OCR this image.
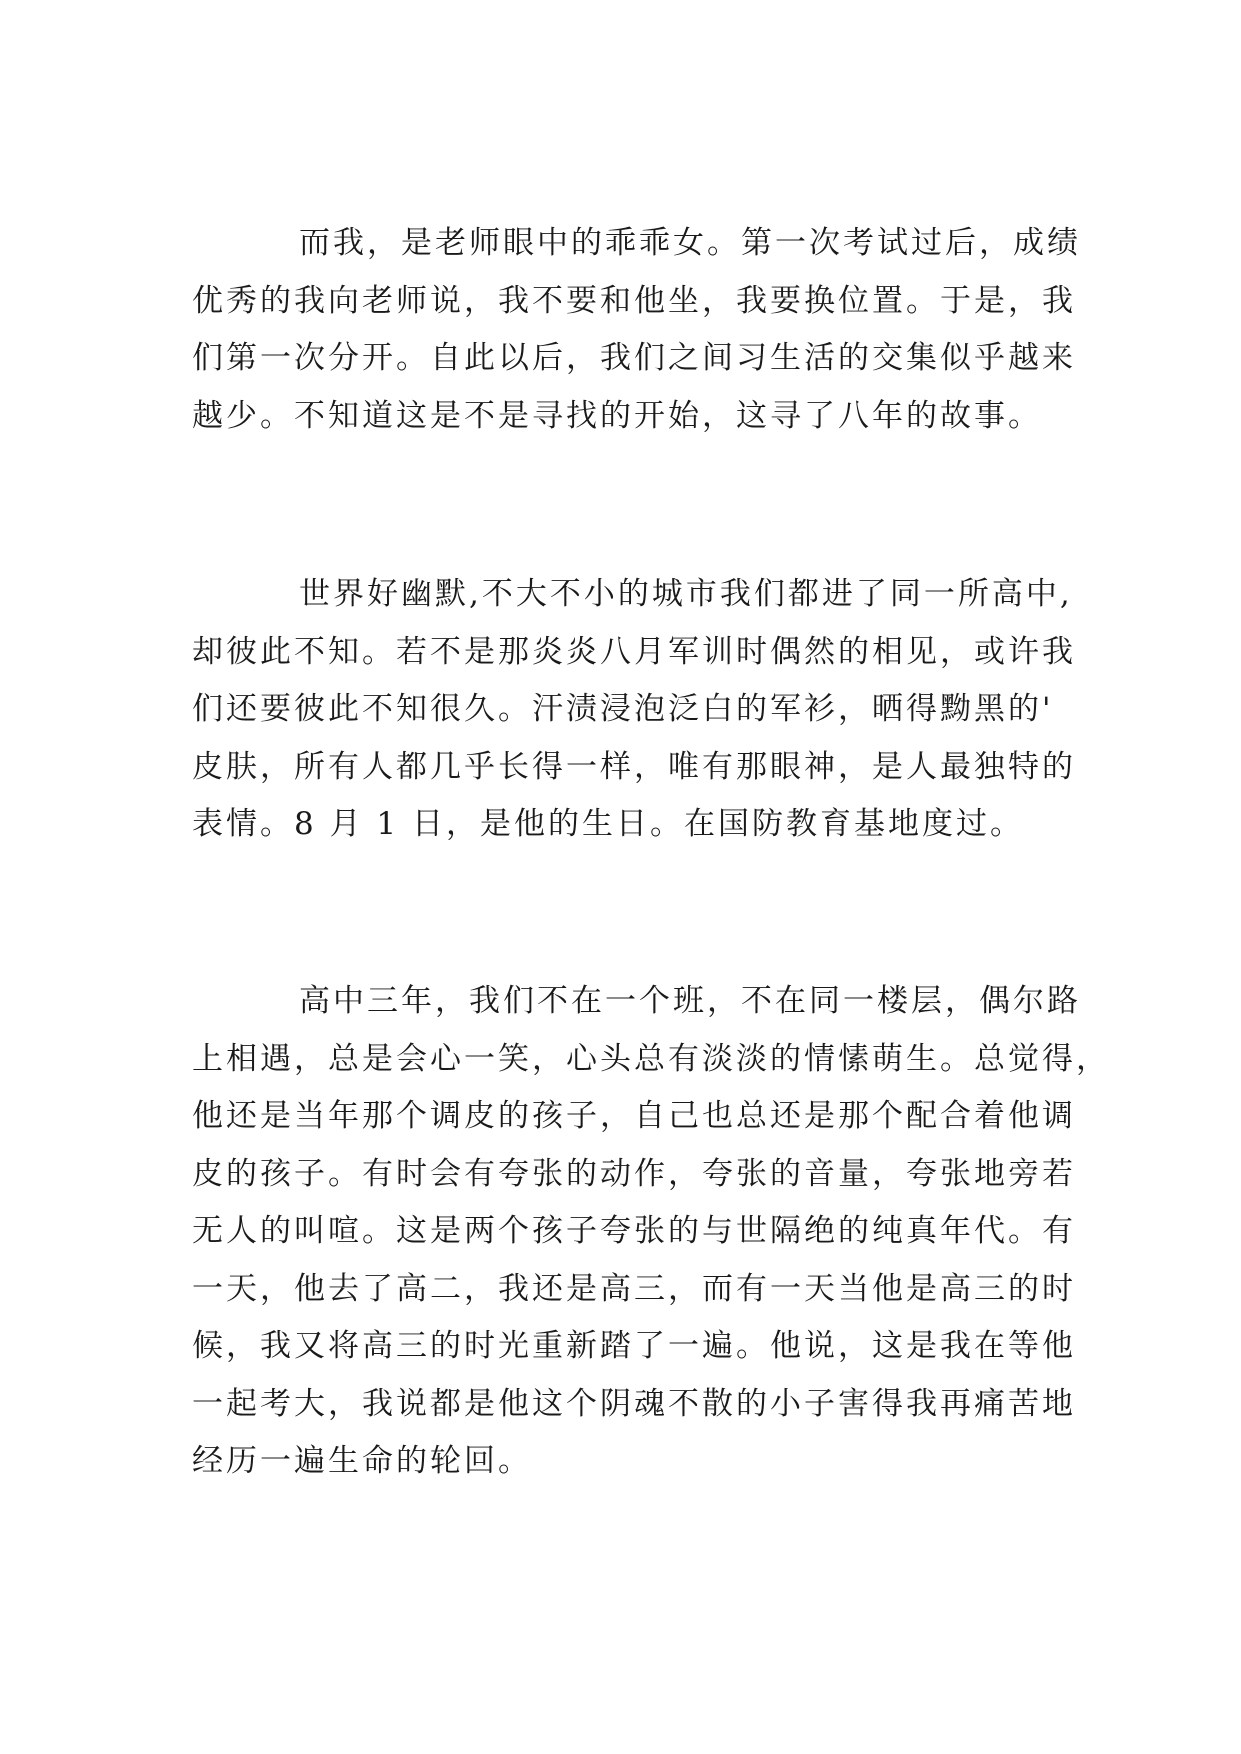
而我，是老师眼中的乖乖女。第一次考试过后，成绩
优秀的我向老师说，我不要和他坐，我要换位置。于是，我
们第一次分开。自此以后，我们之间习生活的交集似乎越来
越少。不知道这是不是寻找的开始，这寻了八年的故事。
世界好幽默,不大不小的城市我们都进了同一所高中,
却彼此不知。若不是那炎炎八月军训时偶然的相见，或许我
们还要彼此不知很久。汗渍浸泡泛白的军衫，晒得黝黑的'
皮肤，所有人都几乎长得一样，唯有那眼神，是人最独特的
表情。8 月 1 日，是他的生日。在国防教育基地度过。
高中三年，我们不在一个班，不在同一楼层，偶尔路
上相遇，总是会心一笑，心头总有淡淡的情愫萌生。总觉得，
他还是当年那个调皮的孩子，自己也总还是那个配合着他调
皮的孩子。有时会有夸张的动作，夸张的音量，夸张地旁若
无人的叫喧。这是两个孩子夸张的与世隔绝的纯真年代。有
一天，他去了高二，我还是高三，而有一天当他是高三的时
候，我又将高三的时光重新踏了一遍。他说，这是我在等他
一起考大，我说都是他这个阴魂不散的小子害得我再痛苦地
经历一遍生命的轮回。
